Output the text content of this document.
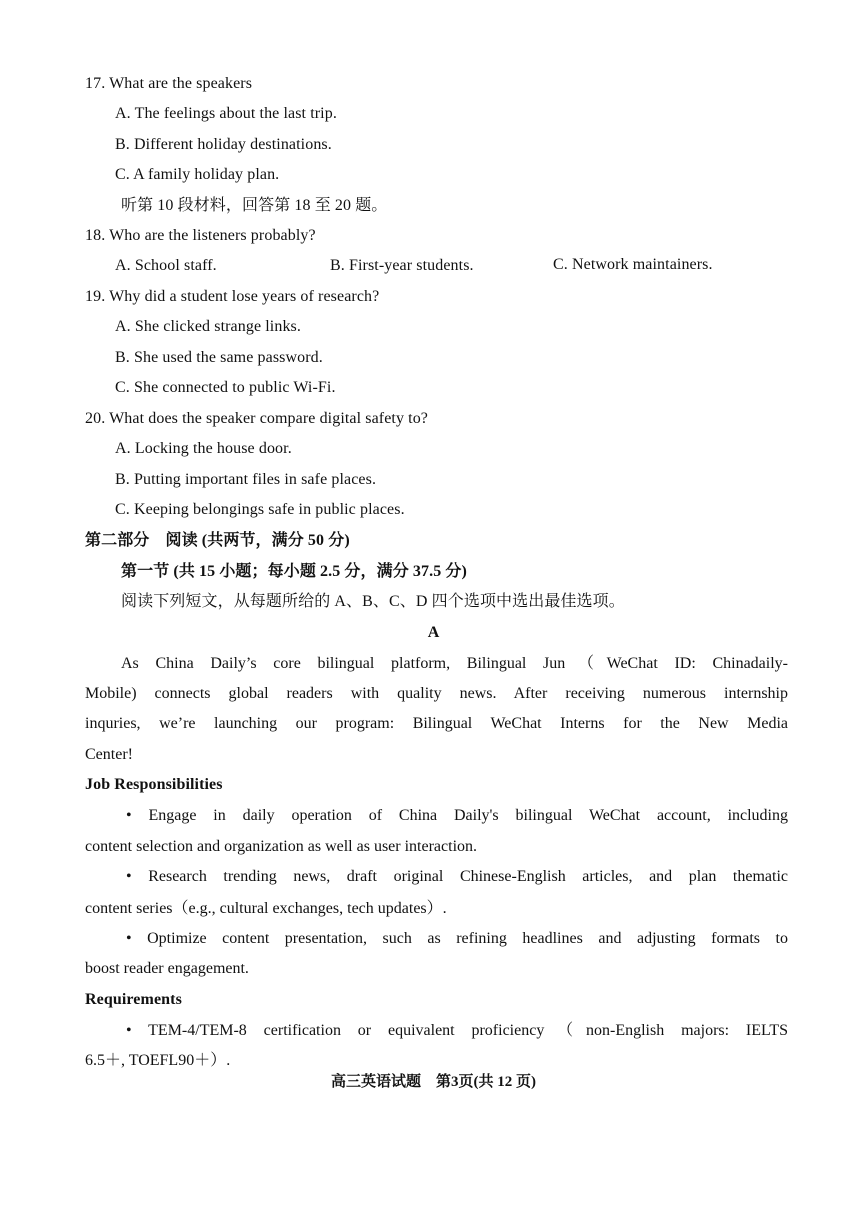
17. What are the speakers
A. The feelings about the last trip.
B. Different holiday destinations.
C. A family holiday plan.
听第 10 段材料，回答第 18 至 20 题。
18. Who are the listeners probably?
A. School staff.	B. First-year students.	C. Network maintainers.
19. Why did a student lose years of research?
A. She clicked strange links.
B. She used the same password.
C. She connected to public Wi-Fi.
20. What does the speaker compare digital safety to?
A. Locking the house door.
B. Putting important files in safe places.
C. Keeping belongings safe in public places.
第二部分　阅读 (共两节，满分 50 分)
第一节 (共 15 小题；每小题 2.5 分，满分 37.5 分)
阅读下列短文，从每题所给的 A、B、C、D 四个选项中选出最佳选项。
A
As China Daily’s core bilingual platform, Bilingual Jun（WeChat ID: Chinadaily-
Mobile) connects global readers with quality news. After receiving numerous internship
inquries, we’re launching our program: Bilingual WeChat Interns for the New Media
Center!
Job Responsibilities
• Engage in daily operation of China Daily's bilingual WeChat account, including
content selection and organization as well as user interaction.
• Research trending news, draft original Chinese-English articles, and plan thematic
content series（e.g., cultural exchanges, tech updates）.
• Optimize content presentation, such as refining headlines and adjusting formats to
boost reader engagement.
Requirements
• TEM-4/TEM-8 certification or equivalent proficiency（non-English majors: IELTS
6.5＋, TOEFL90＋）.
高三英语试题　第3页(共 12 页)
